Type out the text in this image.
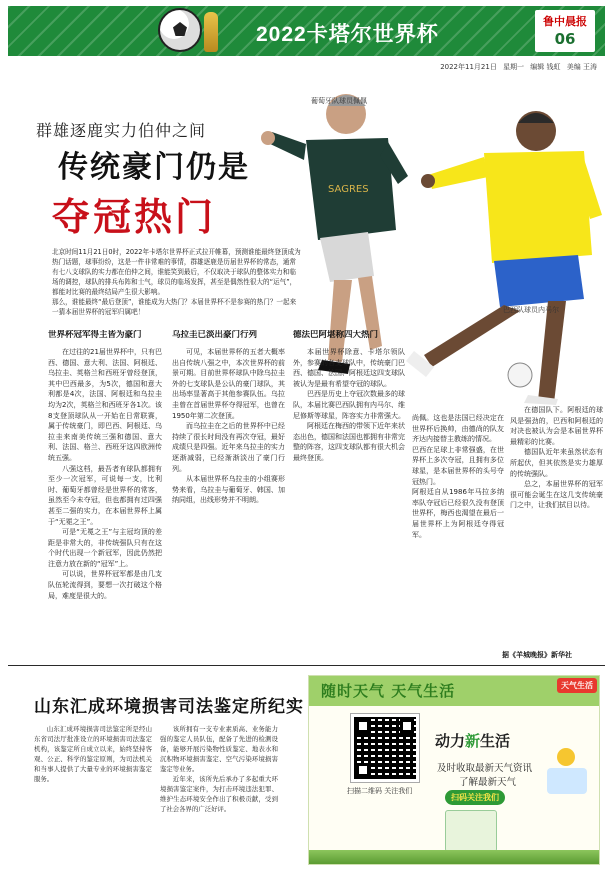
2022卡塔尔世界杯
鲁中晨报
06
2022年11月21日 星期一 编辑 钱虹 美编 王涛
SAGRES
葡萄牙队球员佩佩
巴西队球员内马尔
群雄逐鹿实力伯仲之间
传统豪门仍是
夺冠热门

北京时间11月21日0时，2022年卡塔尔世界杯正式拉开帷幕，预测谁能最终登顶成为热门话题，球事纷纷，这是一件非常难的事情，群雄逐鹿是历届世界杯的常态，通常有七八支球队的实力都在伯仲之间，谁能笑到最后，不仅取决于球队的整体实力和临场的调控，球队的排兵布阵和士气，球员的临场发挥，甚至是偶然性很大的“运气”，都能对比赛的最终结局产生很大影响。

那么，谁能最终“最后登顶”，谁能成为大热门？本届世界杯不是参赛的热门？一起来一猜本届世界杯的冠军归属吧！

世界杯冠军得主皆为豪门

在过往的21届世界杯中，只有巴西、德国、意大利、法国、阿根廷、乌拉圭、英格兰和西班牙曾经登顶，其中巴西最多，为5次，德国和意大利都是4次，法国、阿根廷和乌拉圭均为2次，英格兰和西班牙各1次。该8支登顶球队从一开始在日常联赛，属于传统豪门，即巴西、阿根廷、乌拉圭来南美传统三强和德国、意大利、法国、格兰、西班牙这四欧洲传统五强。

八强这档，最吾者有球队都拥有至少一次冠军，可说每一支，比利时、葡萄牙都曾经是世界杯的常客，虽然至今未夺冠，但也都拥有过四强甚至二强的实力，在本届世界杯上属于“无冕之王”。

可是“无冕之王”与主冠均顶的差距是非常大的，非传统强队只有在这个时代出现一个新冠军，因此仍然把注意力放在新的“冠军”上。

可以说，世界杯冠军都是由几支队伍轮流得到，要想一次打破这个格局，难度是很大的。

乌拉圭已淡出豪门行列

可见，本届世界杯的五者大概率出自传统八强之中，本次世界杯的前景可期。目前世界杯球队中除乌拉圭外的七支球队是公认的豪门球队，其出场率显著高于其他参赛队伍。乌拉圭曾在首届世界杯夺得冠军，也曾在1950年第二次登顶。

而乌拉圭在之后的世界杯中已经持续了很长时间没有再次夺冠，最好成绩只是四强。近年来乌拉圭的实力逐渐减弱，已经渐渐淡出了豪门行列。

从本届世界杯乌拉圭的小组赛形势来看，乌拉圭与葡萄牙、韩国、加纳同组，出线形势并不明朗。

德法巴阿堪称四大热门

本届世界杯除意、卡塔尔领队外，参赛的各支球队中，传统豪门巴西、德国、法国、阿根廷这四支球队被认为是最有希望夺冠的球队。

巴西是历史上夺冠次数最多的球队，本届比赛巴西队拥有内马尔、维尼修斯等球星，阵容实力非常强大。

阿根廷在梅西的带领下近年来状态出色，德国和法国也都拥有非常完整的阵容，这四支球队都有很大机会最终登顶。

尚佩。这也是法国已经决定在世界杯后换帅，由德尚的队友齐达内接替主教练的情况。

巴西在足球上非常强盛，在世界杯上多次夺冠，且拥有多位球星，是本届世界杯的头号夺冠热门。

阿根廷自从1986年马拉多纳率队夺冠后已经很久没有登顶世界杯，梅西也渴望在最后一届世界杯上为阿根廷夺得冠军。

在德国队下。阿根廷的球风是强劲的，巴西和阿根廷的对决也被认为会是本届世界杯最精彩的比赛。

德国队近年来虽然状态有所起伏，但其依然是实力雄厚的传统强队。

总之，本届世界杯的冠军很可能会诞生在这几支传统豪门之中，让我们拭目以待。

据《羊城晚报》新华社
山东汇成环境损害司法鉴定所纪实

山东汇成环境损害司法鉴定所是经山东省司法厅批准设立的环境损害司法鉴定机构，该鉴定所自成立以来，始终坚持客观、公正、科学的鉴定原则，为司法机关和当事人提供了大量专业的环境损害鉴定服务。

该所拥有一支专业素质高、业务能力强的鉴定人员队伍，配备了先进的检测设备，能够开展污染物性质鉴定、地表水和沉积物环境损害鉴定、空气污染环境损害鉴定等业务。

近年来，该所先后承办了多起重大环境损害鉴定案件，为打击环境违法犯罪、维护生态环境安全作出了积极贡献，受到了社会各界的广泛好评。

随时天气 天气生活	天气生活
扫描二维码 关注我们
动力新生活
及时收取最新天气资讯
了解最新天气
扫码关注我们
